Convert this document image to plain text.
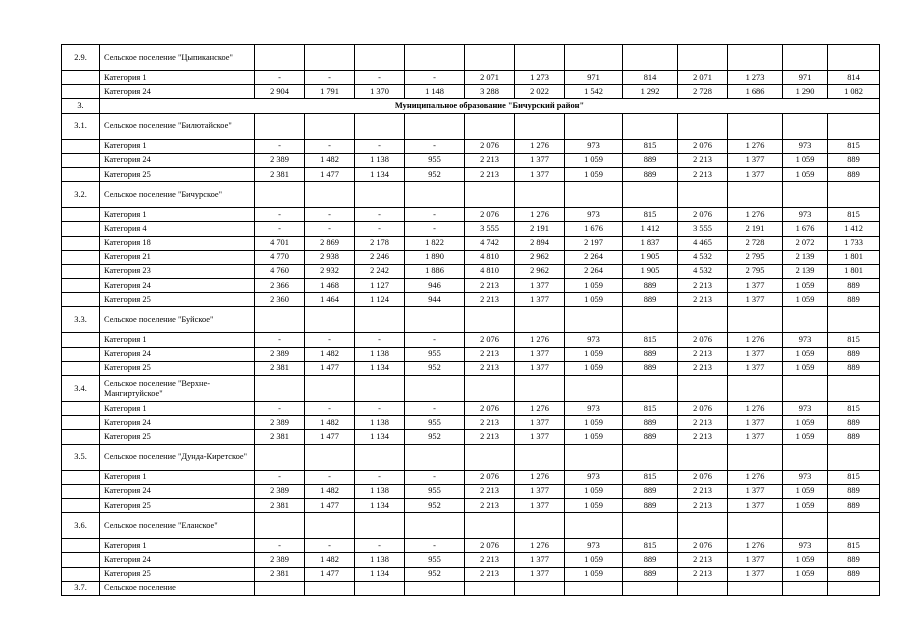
2.9.	Сельское поселение "Цыпиканское"												
	Категория 1	-	-	-	-	2 071	1 273	971	814	2 071	1 273	971	814
	Категория 24	2 904	1 791	1 370	1 148	3 288	2 022	1 542	1 292	2 728	1 686	1 290	1 082
3.	Муниципальное образование "Бичурский район"												
3.1.	Сельское поселение "Билютайское"												
	Категория 1	-	-	-	-	2 076	1 276	973	815	2 076	1 276	973	815
	Категория 24	2 389	1 482	1 138	955	2 213	1 377	1 059	889	2 213	1 377	1 059	889
	Категория 25	2 381	1 477	1 134	952	2 213	1 377	1 059	889	2 213	1 377	1 059	889
3.2.	Сельское поселение "Бичурское"												
	Категория 1	-	-	-	-	2 076	1 276	973	815	2 076	1 276	973	815
	Категория 4	-	-	-	-	3 555	2 191	1 676	1 412	3 555	2 191	1 676	1 412
	Категория 18	4 701	2 869	2 178	1 822	4 742	2 894	2 197	1 837	4 465	2 728	2 072	1 733
	Категория 21	4 770	2 938	2 246	1 890	4 810	2 962	2 264	1 905	4 532	2 795	2 139	1 801
	Категория 23	4 760	2 932	2 242	1 886	4 810	2 962	2 264	1 905	4 532	2 795	2 139	1 801
	Категория 24	2 366	1 468	1 127	946	2 213	1 377	1 059	889	2 213	1 377	1 059	889
	Категория 25	2 360	1 464	1 124	944	2 213	1 377	1 059	889	2 213	1 377	1 059	889
3.3.	Сельское поселение "Буйское"												
	Категория 1	-	-	-	-	2 076	1 276	973	815	2 076	1 276	973	815
	Категория 24	2 389	1 482	1 138	955	2 213	1 377	1 059	889	2 213	1 377	1 059	889
	Категория 25	2 381	1 477	1 134	952	2 213	1 377	1 059	889	2 213	1 377	1 059	889
3.4.	Сельское поселение "Верхне-Мангиртуйское"												
	Категория 1	-	-	-	-	2 076	1 276	973	815	2 076	1 276	973	815
	Категория 24	2 389	1 482	1 138	955	2 213	1 377	1 059	889	2 213	1 377	1 059	889
	Категория 25	2 381	1 477	1 134	952	2 213	1 377	1 059	889	2 213	1 377	1 059	889
3.5.	Сельское поселение "Дунда-Киретское"												
	Категория 1	-	-	-	-	2 076	1 276	973	815	2 076	1 276	973	815
	Категория 24	2 389	1 482	1 138	955	2 213	1 377	1 059	889	2 213	1 377	1 059	889
	Категория 25	2 381	1 477	1 134	952	2 213	1 377	1 059	889	2 213	1 377	1 059	889
3.6.	Сельское поселение "Еланское"												
	Категория 1	-	-	-	-	2 076	1 276	973	815	2 076	1 276	973	815
	Категория 24	2 389	1 482	1 138	955	2 213	1 377	1 059	889	2 213	1 377	1 059	889
	Категория 25	2 381	1 477	1 134	952	2 213	1 377	1 059	889	2 213	1 377	1 059	889
3.7.	Сельское поселение												
